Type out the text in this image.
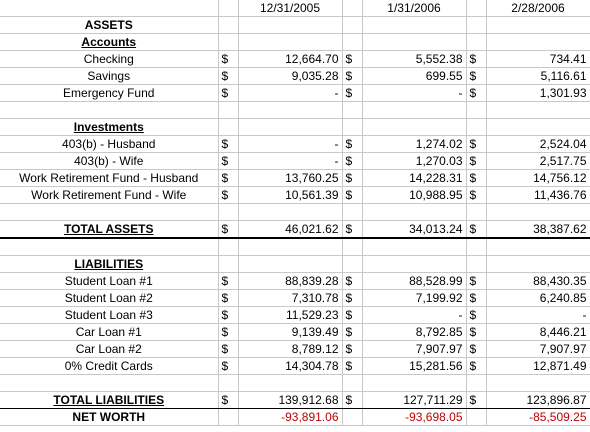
		12/31/2005		1/31/2006		2/28/2006
ASSETS						
Accounts						
Checking	$	12,664.70	$	5,552.38	$	734.41
Savings	$	9,035.28	$	699.55	$	5,116.61
Emergency Fund	$	-	$	-	$	1,301.93

Investments						
403(b) - Husband	$	-	$	1,274.02	$	2,524.04
403(b) - Wife	$	-	$	1,270.03	$	2,517.75
Work Retirement Fund - Husband	$	13,760.25	$	14,228.31	$	14,756.12
Work Retirement Fund - Wife	$	10,561.39	$	10,988.95	$	11,436.76

TOTAL ASSETS	$	46,021.62	$	34,013.24	$	38,387.62

LIABILITIES						
Student Loan #1	$	88,839.28	$	88,528.99	$	88,430.35
Student Loan #2	$	7,310.78	$	7,199.92	$	6,240.85
Student Loan #3	$	11,529.23	$	-	$	-
Car Loan #1	$	9,139.49	$	8,792.85	$	8,446.21
Car Loan #2	$	8,789.12	$	7,907.97	$	7,907.97
0% Credit Cards	$	14,304.78	$	15,281.56	$	12,871.49

TOTAL LIABILITIES	$	139,912.68	$	127,711.29	$	123,896.87
NET WORTH		-93,891.06		-93,698.05		-85,509.25
